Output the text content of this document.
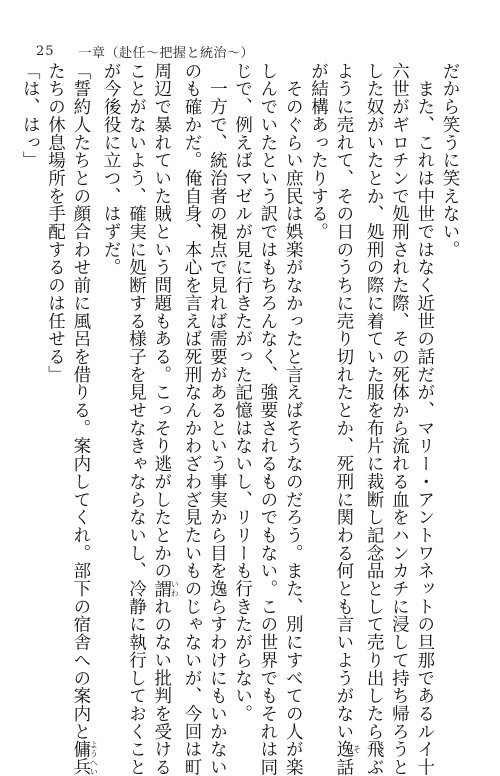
25 一章（赴任〜把握と統治〜）
だから笑うに笑えない。
　また、これは中世ではなく近世の話だが、マリー・アントワネットの旦那であるルイ十
六世がギロチンで処刑された際、その死体から流れる血をハンカチに浸して持ち帰ろうと
した奴がいたとか、処刑の際に着ていた服を布片に裁断し記念品として売り出したら飛ぶ
ように売れて、その日のうちに売り切れたとか、死刑に関わる何とも言いようがない逸そ話
が結構あったりする。
　そのぐらい庶民は娯楽がなかったと言えばそうなのだろう。また、別にすべての人が楽
しんでいたという訳ではもちろんなく、強要されるものでもない。この世界でもそれは同
じで、例えばマゼルが見に行きたがった記憶はないし、リリーも行きたがらない。
　一方で、統治者の視点で見れば需要があるという事実から目を逸らすわけにもいかない
のも確かだ。俺自身、本心を言えば死刑なんかわざわざ見たいものじゃないが、今回は町
周辺で暴れていた賊という問題もある。こっそり逃がしたとかの謂いわれのない批判を受ける
ことがないよう、確実に処断する様子を見せなきゃならないし、冷静に執行しておくこと
が今後役に立つ、はずだ。
「誓約人たちとの顔合わせ前に風呂を借りる。案内してくれ。部下の宿舎への案内と傭兵ようへい
たちの休息場所を手配するのは任せる」
「は、はっ」
